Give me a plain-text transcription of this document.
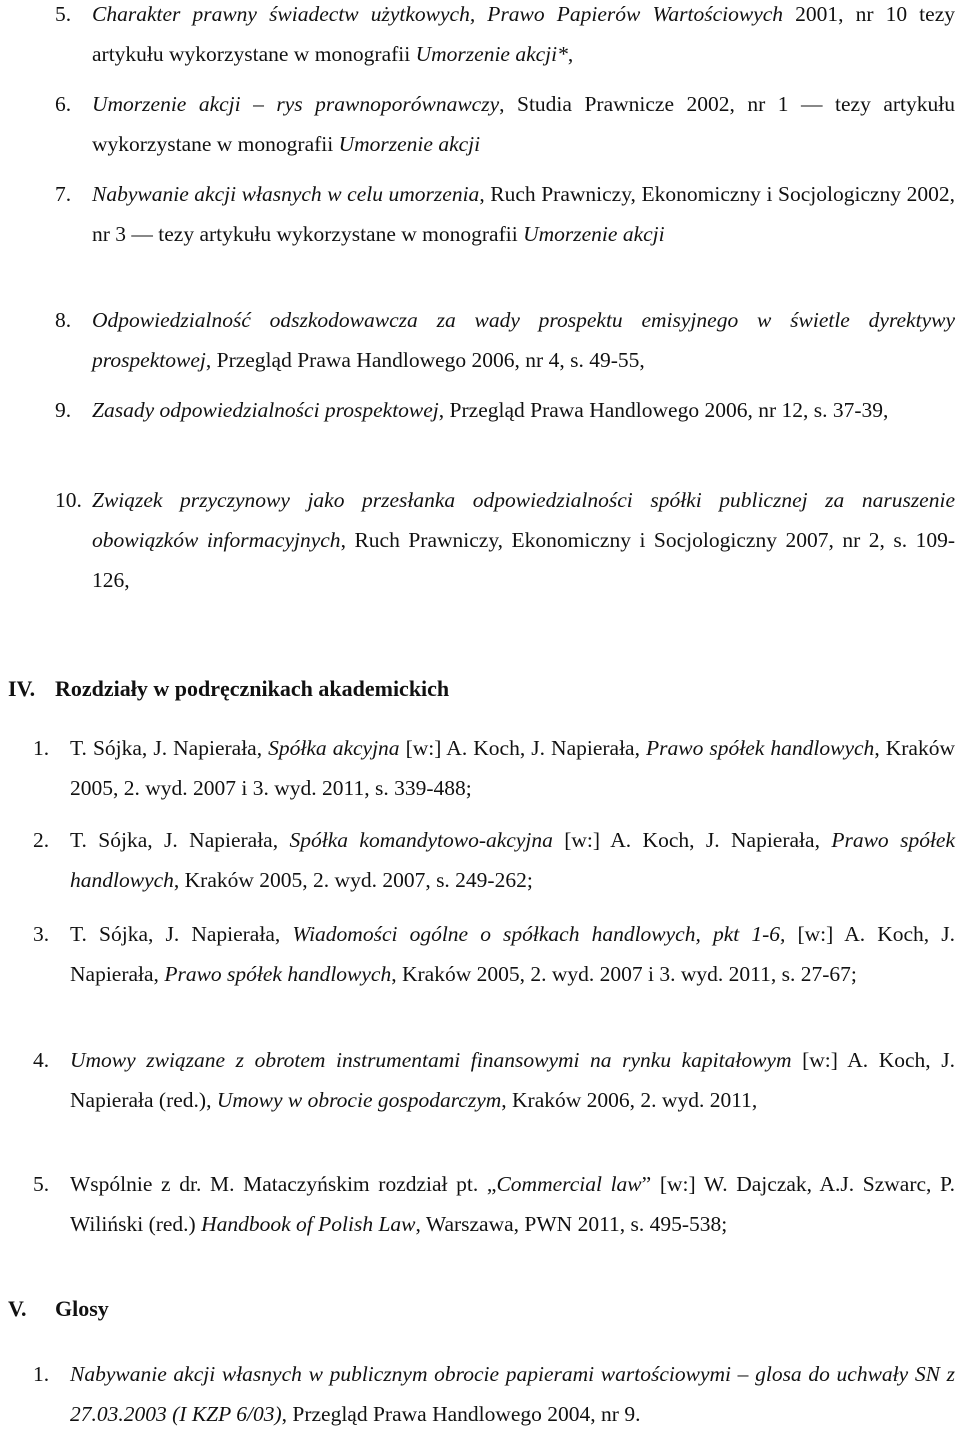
5. Charakter prawny świadectw użytkowych, Prawo Papierów Wartościowych 2001, nr 10 tezy artykułu wykorzystane w monografii Umorzenie akcji*,
6. Umorzenie akcji – rys prawnoporównawczy, Studia Prawnicze 2002, nr 1 — tezy artykułu wykorzystane w monografii Umorzenie akcji
7. Nabywanie akcji własnych w celu umorzenia, Ruch Prawniczy, Ekonomiczny i Socjologiczny 2002, nr 3 — tezy artykułu wykorzystane w monografii Umorzenie akcji
8. Odpowiedzialność odszkodowawcza za wady prospektu emisyjnego w świetle dyrektywy prospektowej, Przegląd Prawa Handlowego 2006, nr 4, s. 49-55,
9. Zasady odpowiedzialności prospektowej, Przegląd Prawa Handlowego 2006, nr 12, s. 37-39,
10. Związek przyczynowy jako przesłanka odpowiedzialności spółki publicznej za naruszenie obowiązków informacyjnych, Ruch Prawniczy, Ekonomiczny i Socjologiczny 2007, nr 2, s. 109-126,
IV. Rozdziały w podręcznikach akademickich
1. T. Sójka, J. Napierała, Spółka akcyjna [w:] A. Koch, J. Napierała, Prawo spółek handlowych, Kraków 2005, 2. wyd. 2007 i 3. wyd. 2011, s. 339-488;
2. T. Sójka, J. Napierała, Spółka komandytowo-akcyjna [w:] A. Koch, J. Napierała, Prawo spółek handlowych, Kraków 2005, 2. wyd. 2007, s. 249-262;
3. T. Sójka, J. Napierała, Wiadomości ogólne o spółkach handlowych, pkt 1-6, [w:] A. Koch, J. Napierała, Prawo spółek handlowych, Kraków 2005, 2. wyd. 2007 i 3. wyd. 2011, s. 27-67;
4. Umowy związane z obrotem instrumentami finansowymi na rynku kapitałowym [w:] A. Koch, J. Napierała (red.), Umowy w obrocie gospodarczym, Kraków 2006, 2. wyd. 2011,
5. Wspólnie z dr. M. Mataczyńskim rozdział pt. „Commercial law” [w:] W. Dajczak, A.J. Szwarc, P. Wiliński (red.) Handbook of Polish Law, Warszawa, PWN 2011, s. 495-538;
V. Glosy
1. Nabywanie akcji własnych w publicznym obrocie papierami wartościowymi – glosa do uchwały SN z 27.03.2003 (I KZP 6/03), Przegląd Prawa Handlowego 2004, nr 9.
